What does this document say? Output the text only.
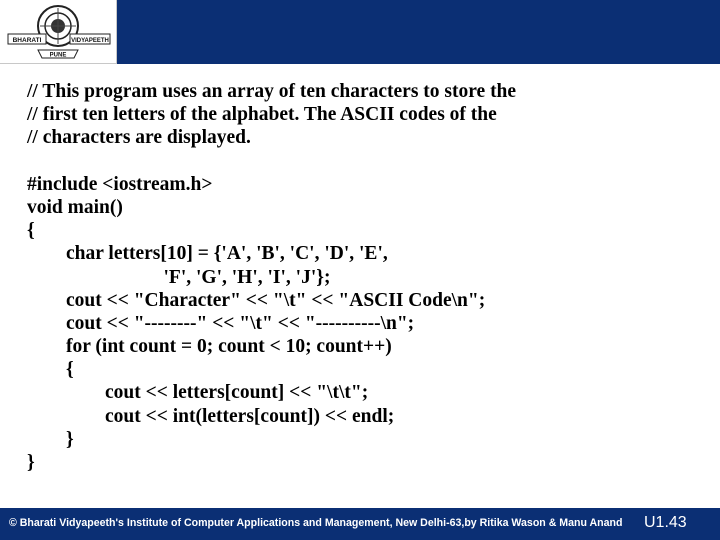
BHARATI	VIDYAPEETH
PUNE
// This program uses an array of ten characters to store the
// first ten letters of the alphabet. The ASCII codes of the
// characters are displayed.
#include <iostream.h>
void main()
{
char letters[10] = {'A', 'B', 'C', 'D', 'E',
'F', 'G', 'H', 'I', 'J'};
cout << "Character" << "\t" << "ASCII Code\n";
cout << "--------" << "\t" << "----------\n";
for (int count = 0; count < 10; count++)
{
cout << letters[count] << "\t\t";
cout << int(letters[count]) << endl;
}
}
© Bharati Vidyapeeth's Institute of Computer Applications and Management, New Delhi-63,by Ritika Wason & Manu Anand U1.43
